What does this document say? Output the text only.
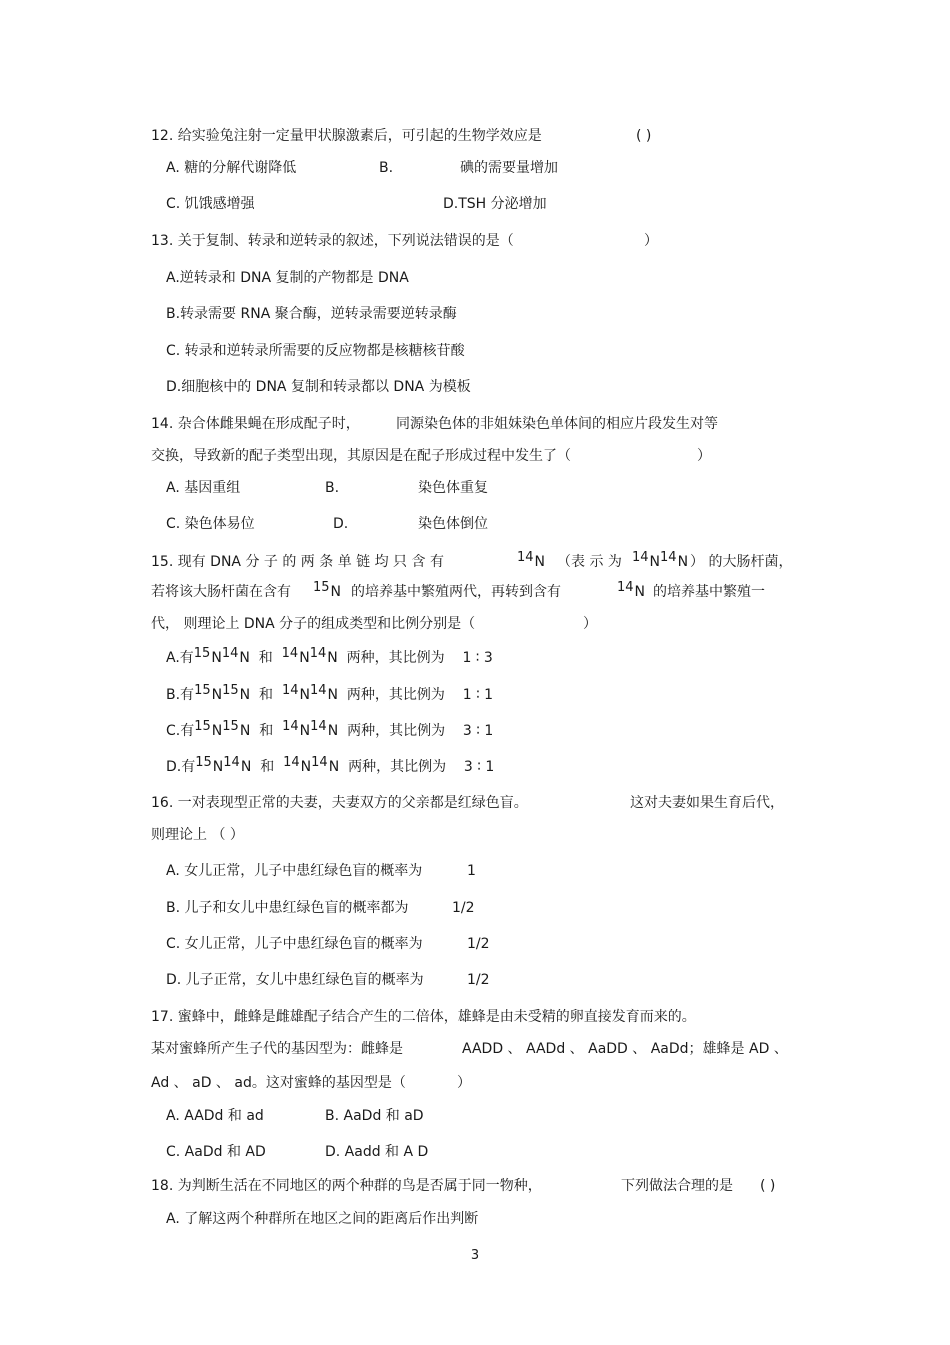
12. 给实验兔注射一定量甲状腺激素后，可引起的生物学效应是	( )
A. 糖的分解代谢降低	B.	碘的需要量增加
C. 饥饿感增强	D.TSH 分泌增加
13. 关于复制、转录和逆转录的叙述，下列说法错误的是（	）
A.逆转录和 DNA 复制的产物都是 DNA
B.转录需要 RNA 聚合酶，逆转录需要逆转录酶
C. 转录和逆转录所需要的反应物都是核糖核苷酸
D.细胞核中的 DNA 复制和转录都以 DNA 为模板
14. 杂合体雌果蝇在形成配子时，	同源染色体的非姐妹染色单体间的相应片段发生对等
交换，导致新的配子类型出现，其原因是在配子形成过程中发生了（	）
A. 基因重组	B.	染色体重复
C. 染色体易位	D.	染色体倒位
15. 现有 DNA 分 子 的 两 条 单 链 均 只 含 有	14N （表 示 为 14N14N ） 的大肠杆菌，
若将该大肠杆菌在含有 15N 的培养基中繁殖两代，再转到含有	14N 的培养基中繁殖一
代， 则理论上 DNA 分子的组成类型和比例分别是（	）
A.有15N14N 和 14N14N 两种，其比例为 1 ∶ 3
B.有15N15N 和 14N14N 两种，其比例为 1 ∶ 1
C.有15N15N 和 14N14N 两种，其比例为 3 ∶ 1
D.有15N14N 和 14N14N 两种，其比例为 3 ∶ 1
16. 一对表现型正常的夫妻，夫妻双方的父亲都是红绿色盲。	这对夫妻如果生育后代，
则理论上 （ ）
A. 女儿正常，儿子中患红绿色盲的概率为	1
B. 儿子和女儿中患红绿色盲的概率都为	1/2
C. 女儿正常，儿子中患红绿色盲的概率为	1/2
D. 儿子正常，女儿中患红绿色盲的概率为	1/2
17. 蜜蜂中，雌蜂是雌雄配子结合产生的二倍体，雄蜂是由未受精的卵直接发育而来的。
某对蜜蜂所产生子代的基因型为：雌蜂是	AADD 、 AADd 、 AaDD 、 AaDd；雄蜂是 AD 、
Ad 、 aD 、 ad。这对蜜蜂的基因型是（	）
A. AADd 和 ad	B. AaDd 和 aD
C. AaDd 和 AD	D. Aadd 和 A D
18. 为判断生活在不同地区的两个种群的鸟是否属于同一物种，	下列做法合理的是 ( )
A. 了解这两个种群所在地区之间的距离后作出判断
3
